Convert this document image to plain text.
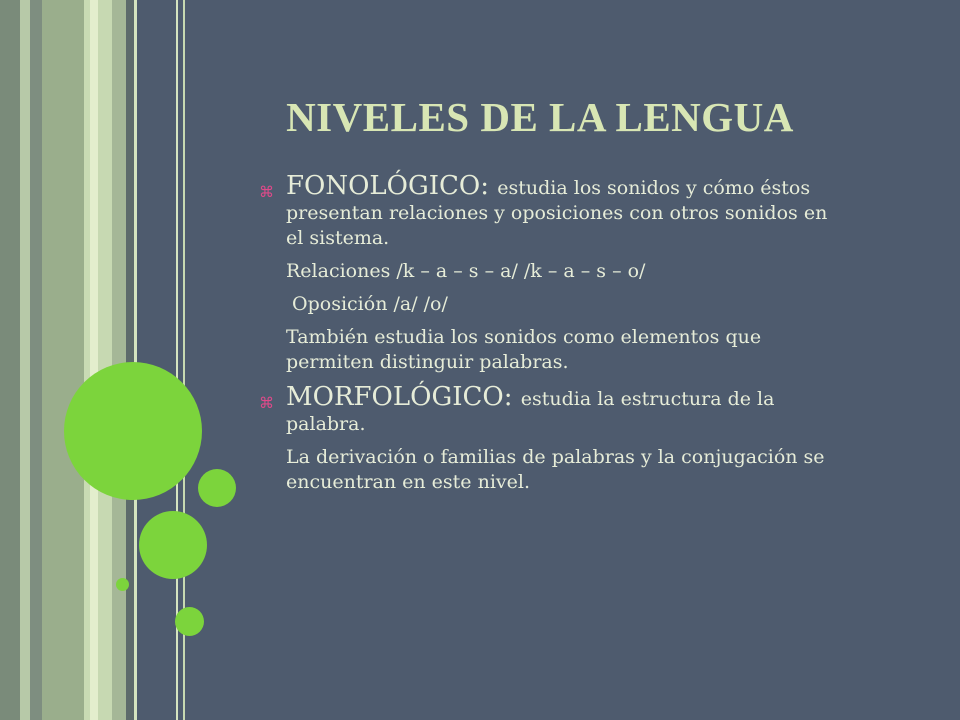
NIVELES DE LA LENGUA
⌘ FONOLÓGICO: estudia los sonidos y cómo éstos presentan relaciones y oposiciones con otros sonidos en el sistema.
Relaciones /k – a – s – a/ /k – a – s – o/
Oposición /a/ /o/
También estudia los sonidos como elementos que permiten distinguir palabras.
⌘ MORFOLÓGICO: estudia la estructura de la palabra.
La derivación o familias de palabras y la conjugación se encuentran en este nivel.
